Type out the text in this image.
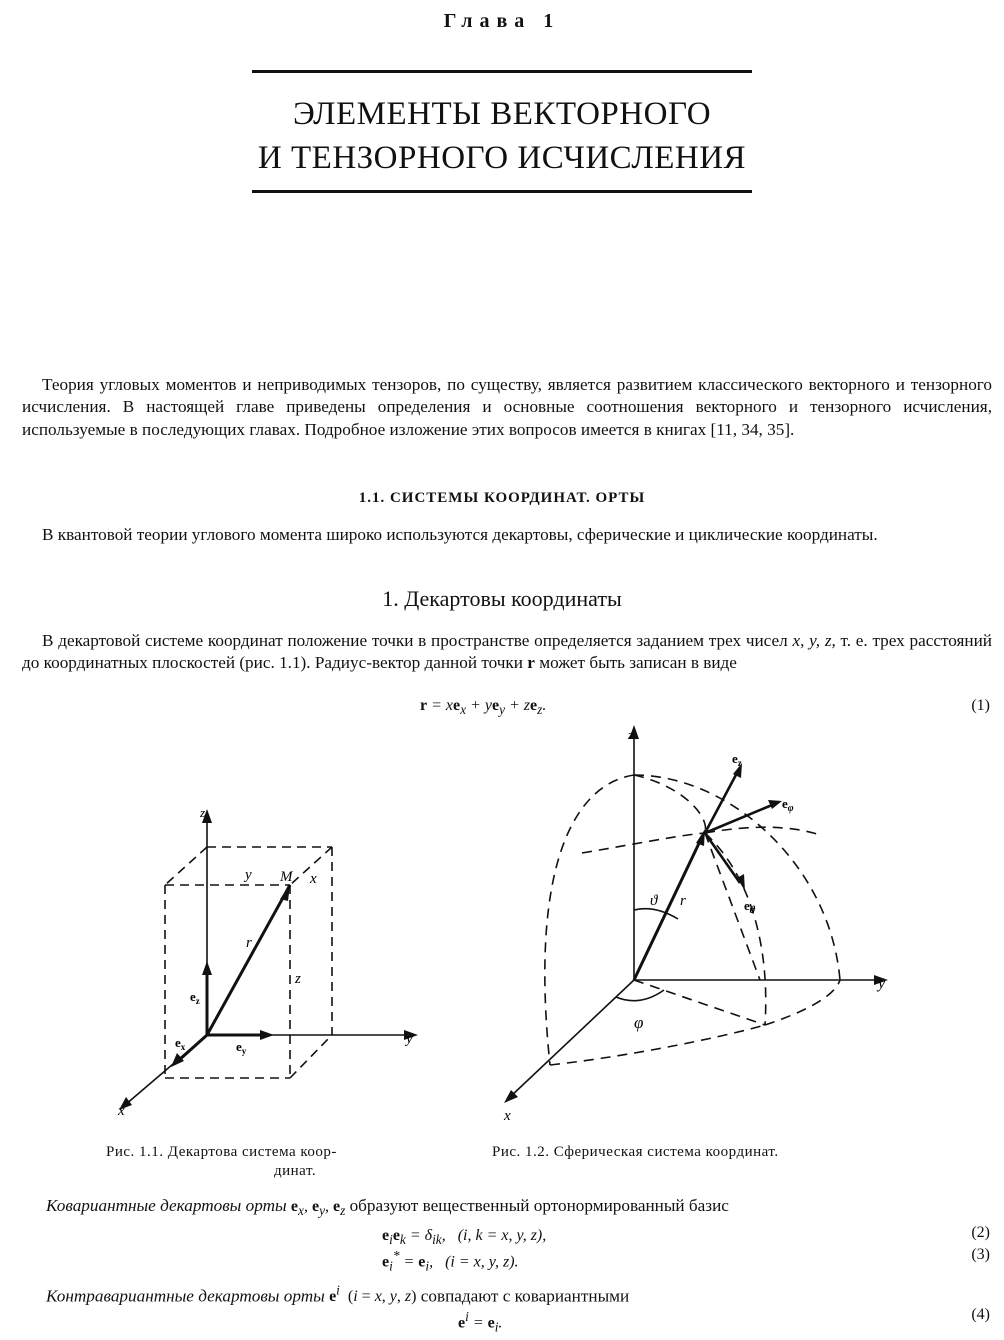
Глава 1
ЭЛЕМЕНТЫ ВЕКТОРНОГО
И ТЕНЗОРНОГО ИСЧИСЛЕНИЯ
Теория угловых моментов и неприводимых тензоров, по существу, является развитием классического векторного и тензорного исчисления. В настоящей главе приведены определения и основные соотношения векторного и тензорного исчисления, используемые в последующих главах. Подробное изложение этих вопросов имеется в книгах [11, 34, 35].
1.1. СИСТЕМЫ КООРДИНАТ. ОРТЫ
В квантовой теории углового момента широко используются декартовы, сферические и циклические координаты.
1. Декартовы координаты
В декартовой системе координат положение точки в пространстве определяется заданием трех чисел x, y, z, т. е. трех расстояний до координатных плоскостей (рис. 1.1). Радиус-вектор данной точки r может быть записан в виде
$r = xe_x + ye_y + ze_z$.	(1)
z
y
x
y	x
z
M
r
$e_z$
$e_x$	$e_y$
z
y
x
r
ϑ
φ
$e_z$
$e_\varphi$
$e_ϑ$
Рис. 1.1. Декартова система коор-
динат.
Рис. 1.2. Сферическая система координат.
Ковариантные декартовы орты $e_x$, $e_y$, $e_z$ образуют вещественный ортонормированный базис
$e_ie_k = \delta_{ik}$,   (i, k = x, y, z),	(2)
$e_i^* = e_i$,   (i = x, y, z).	(3)
Контравариантные декартовы орты $e^i$  (i = x, y, z) совпадают с ковариантными
$e^i = e_i$.	(4)
